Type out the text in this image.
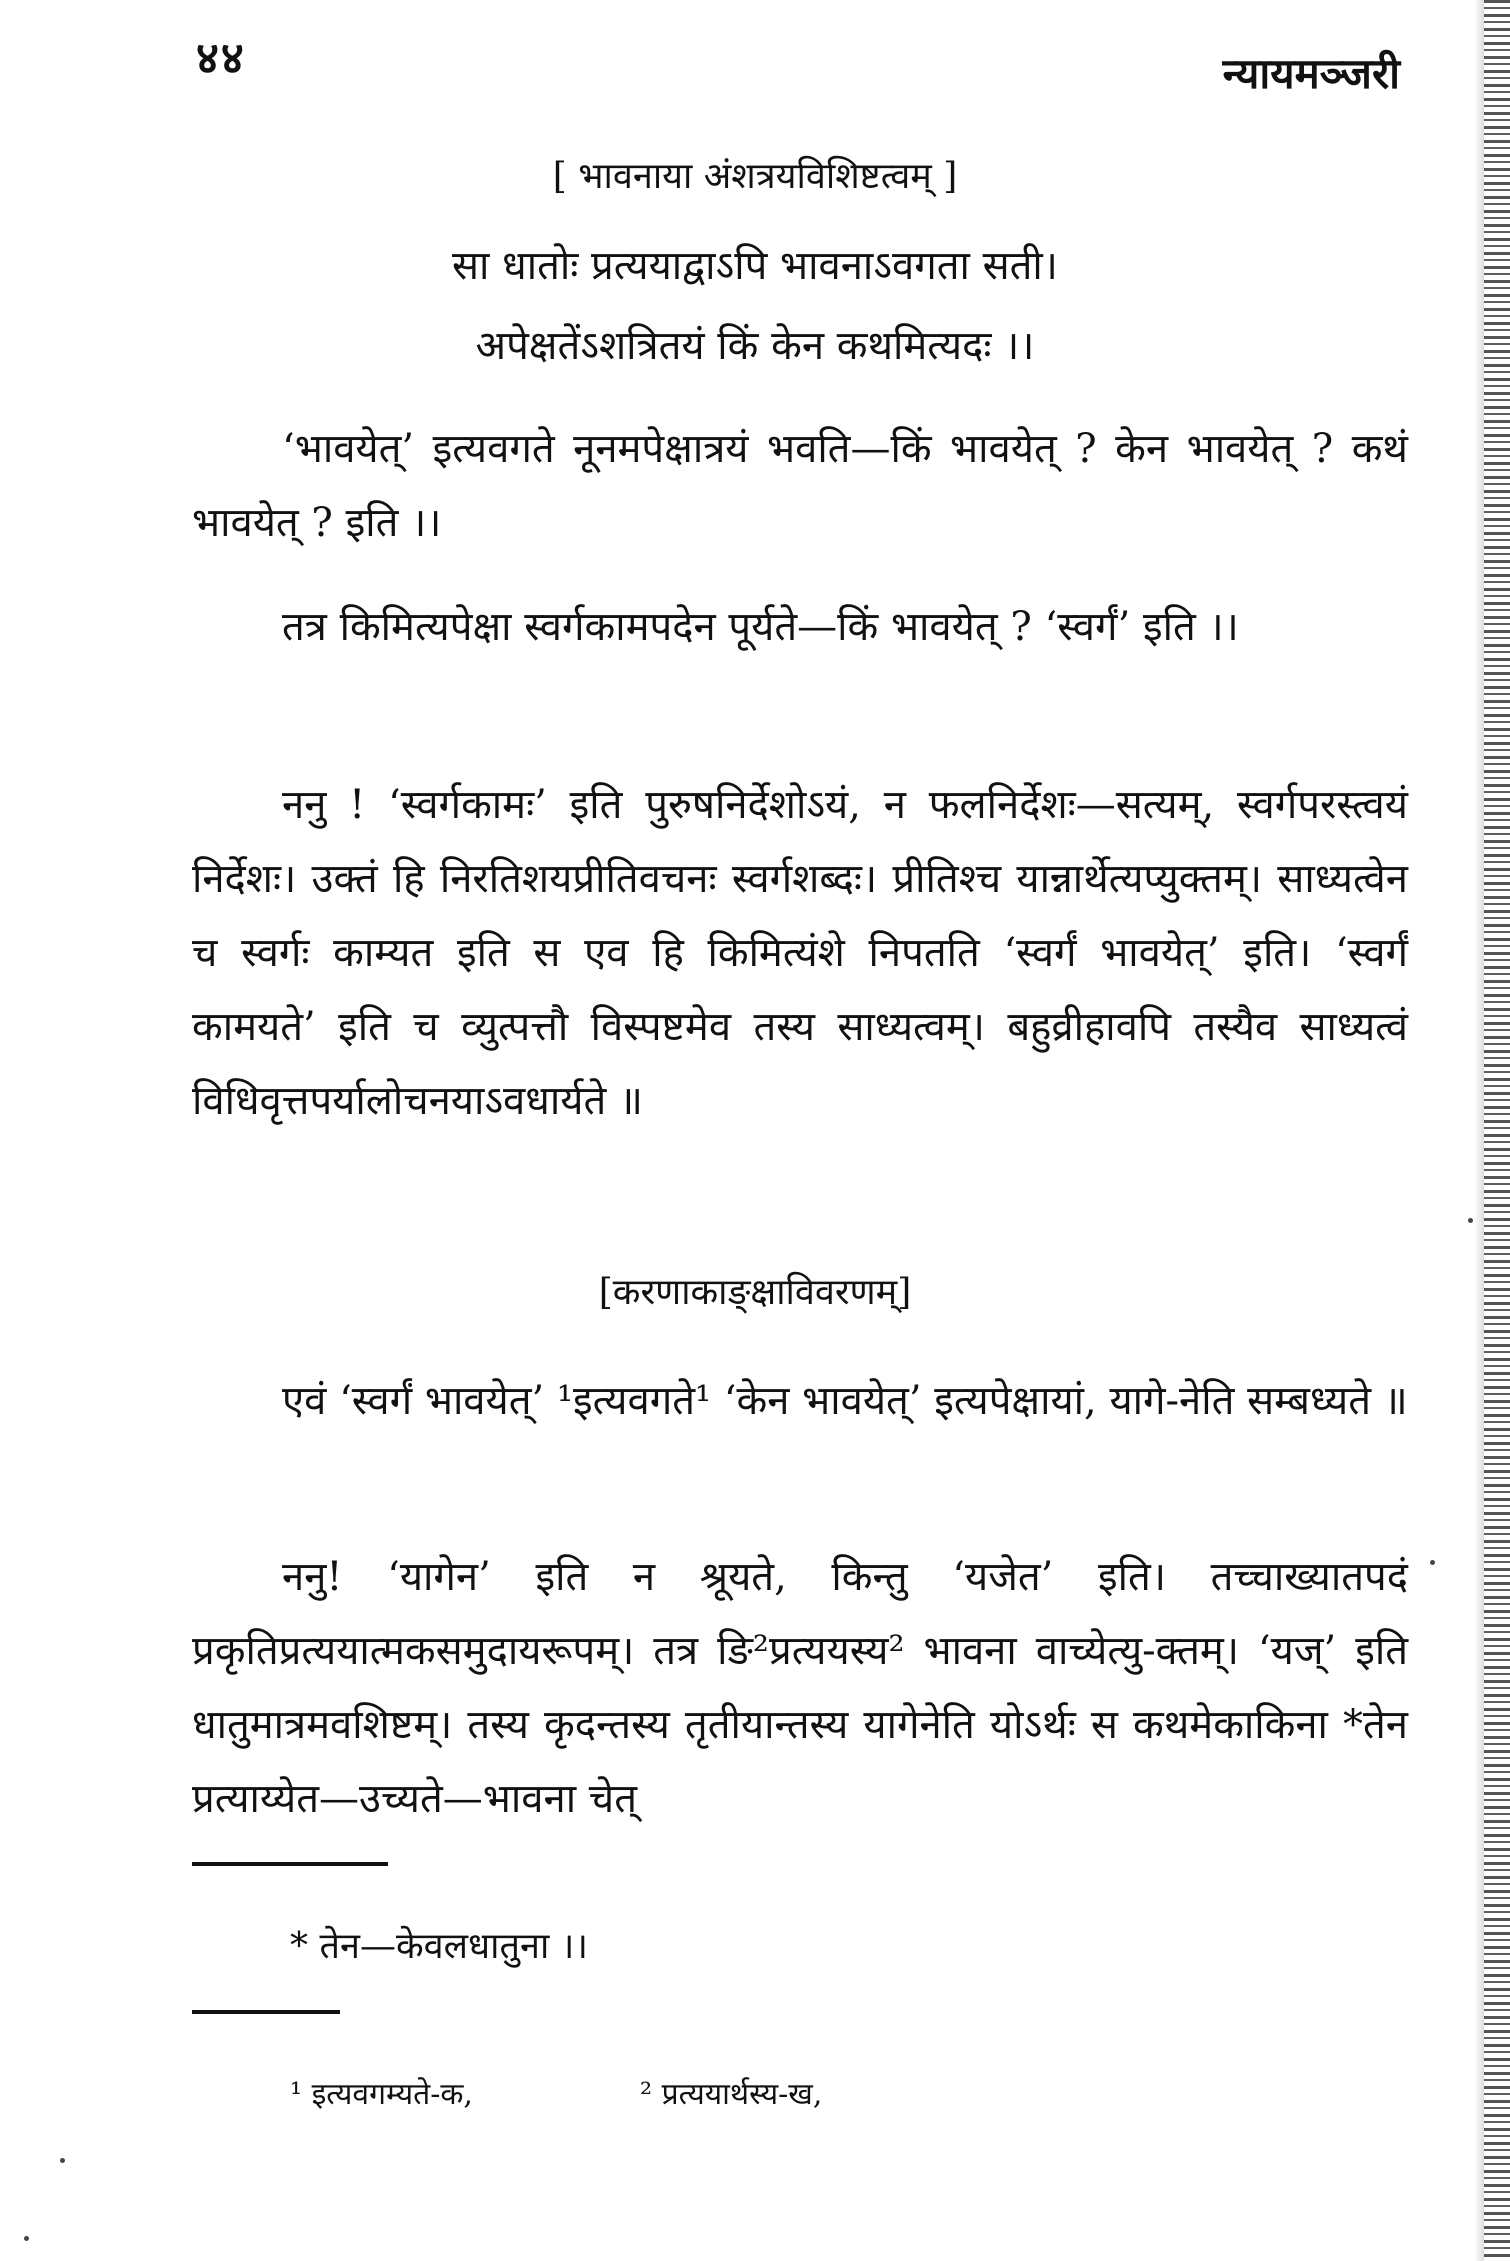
४४	न्यायमञ्जरी
[ भावनाया अंशत्रयविशिष्टत्वम् ]
सा धातोः प्रत्ययाद्वाऽपि भावनाऽवगता सती।
अपेक्षतेंऽशत्रितयं किं केन कथमित्यदः ।।
‘भावयेत्’ इत्यवगते नूनमपेक्षात्रयं भवति—किं भावयेत् ? केन भावयेत् ? कथं भावयेत् ? इति ।।
तत्र किमित्यपेक्षा स्वर्गकामपदेन पूर्यते—किं भावयेत् ? ‘स्वर्गं’ इति ।।
ननु ! ‘स्वर्गकामः’ इति पुरुषनिर्देशोऽयं, न फलनिर्देशः—सत्यम्, स्वर्गपरस्त्वयं निर्देशः। उक्तं हि निरतिशयप्रीतिवचनः स्वर्गशब्दः। प्रीतिश्च यान्नार्थेत्यप्युक्तम्। साध्यत्वेन च स्वर्गः काम्यत इति स एव हि किमित्यंशे निपतति ‘स्वर्गं भावयेत्’ इति। ‘स्वर्गं कामयते’ इति च व्युत्पत्तौ विस्पष्टमेव तस्य साध्यत्वम्। बहुव्रीहावपि तस्यैव साध्यत्वं विधिवृत्तपर्यालोचनयाऽवधार्यते ॥
[करणाकाङ्क्षाविवरणम्]
एवं ‘स्वर्गं भावयेत्’ ¹इत्यवगते¹ ‘केन भावयेत्’ इत्यपेक्षायां, यागे-नेति सम्बध्यते ॥
ननु! ‘यागेन’ इति न श्रूयते, किन्तु ‘यजेत’ इति। तच्चाख्यातपदं प्रकृतिप्रत्ययात्मकसमुदायरूपम्। तत्र ङि²प्रत्ययस्य² भावना वाच्येत्यु-क्तम्। ‘यज्’ इति धातुमात्रमवशिष्टम्। तस्य कृदन्तस्य तृतीयान्तस्य यागेनेति योऽर्थः स कथमेकाकिना *तेन प्रत्याय्येत—उच्यते—भावना चेत्
* तेन—केवलधातुना ।।
¹ इत्यवगम्यते-क,	² प्रत्ययार्थस्य-ख,
